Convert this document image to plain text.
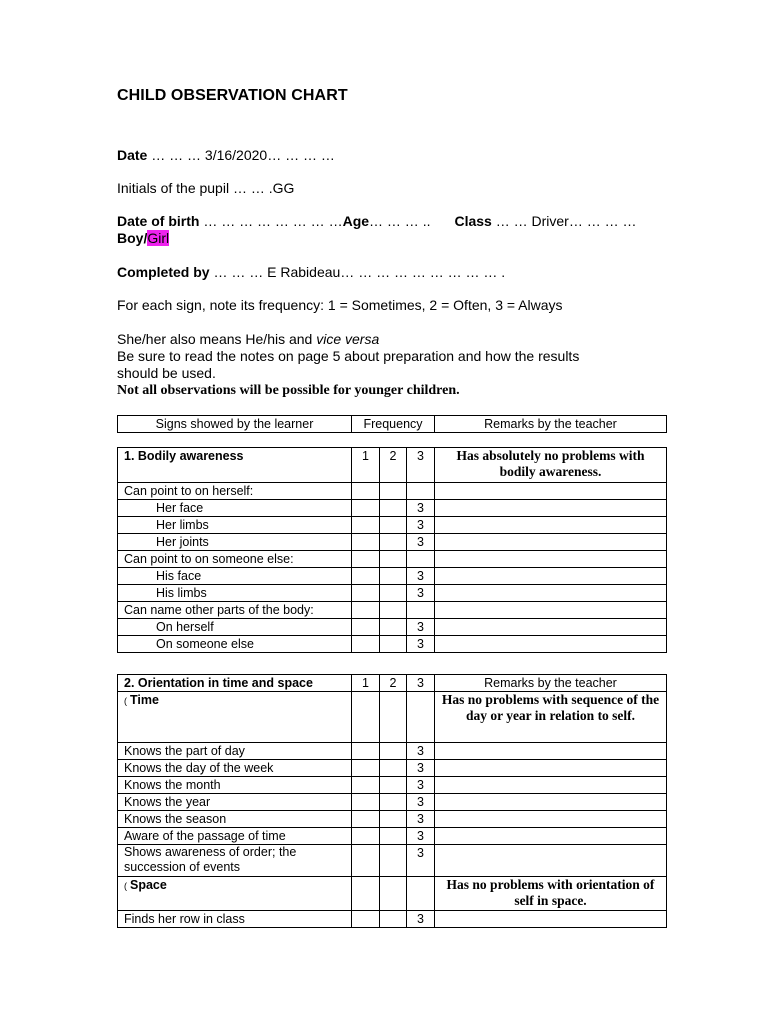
CHILD OBSERVATION CHART
Date … … … 3/16/2020… … … …
Initials of the pupil … … .GG
Date of birth … … … … … … … …Age… … … .. Class … … Driver… … … …
Boy/Girl
Completed by … … … E Rabideau… … … … … … … … … .
For each sign, note its frequency: 1 = Sometimes, 2 = Often, 3 = Always
She/her also means He/his and vice versa
Be sure to read the notes on page 5 about preparation and how the results
should be used.
Not all observations will be possible for younger children.
Signs showed by the learner	Frequency	Remarks by the teacher
1. Bodily awareness	1	2	3	Has absolutely no problems with bodily awareness.
Can point to on herself:				
Her face			3	
Her limbs			3	
Her joints			3	
Can point to on someone else:				
His face			3	
His limbs			3	
Can name other parts of the body:				
On herself			3	
On someone else			3	
2. Orientation in time and space	1	2	3	Remarks by the teacher
( Time				Has no problems with sequence of the day or year in relation to self.
Knows the part of day			3	
Knows the day of the week			3	
Knows the month			3	
Knows the year			3	
Knows the season			3	
Aware of the passage of time			3	
Shows awareness of order; the succession of events			3	
( Space				Has no problems with orientation of self in space.
Finds her row in class			3	
